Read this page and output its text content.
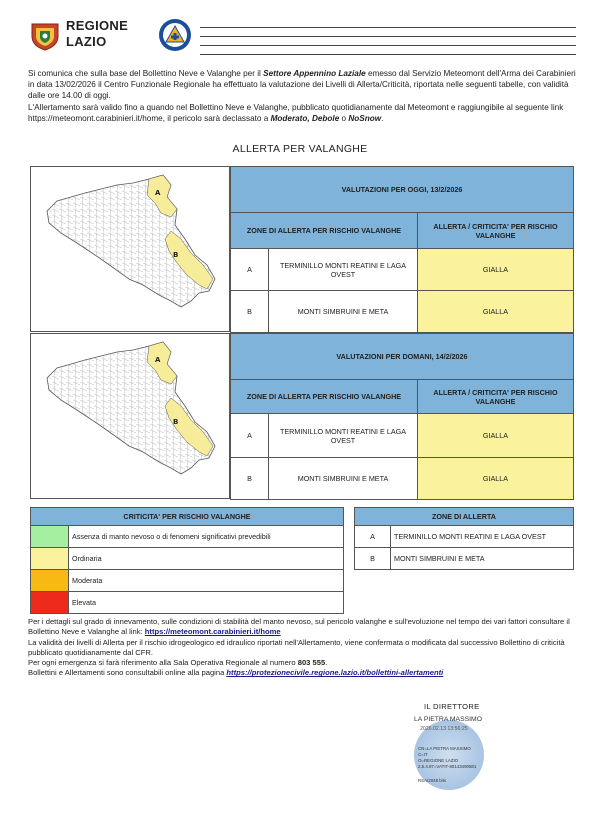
REGIONE
LAZIO

Si comunica che sulla base del Bollettino Neve e Valanghe per il Settore Appennino Laziale emesso dal Servizio Meteomont dell'Arma dei Carabinieri in data 13/02/2026 il Centro Funzionale Regionale ha effettuato la valutazione dei Livelli di Allerta/Criticità, riportata nelle seguenti tabelle, con validità dalle ore 14.00 di oggi.

L'Allertamento sarà valido fino a quando nel Bollettino Neve e Valanghe, pubblicato quotidianamente dal Meteomont e raggiungibile al seguente link https://meteomont.carabinieri.it/home, il pericolo sarà declassato a Moderato, Debole o NoSnow.

ALLERTA PER VALANGHE
A
B
VALUTAZIONI PER OGGI, 13/2/2026		
ZONE DI ALLERTA PER RISCHIO VALANGHE		ALLERTA / CRITICITA' PER RISCHIO VALANGHE
A	TERMINILLO MONTI REATINI E LAGA OVEST	GIALLA
B	MONTI SIMBRUINI E META	GIALLA
A
B
VALUTAZIONI PER DOMANI, 14/2/2026		
ZONE DI ALLERTA PER RISCHIO VALANGHE		ALLERTA / CRITICITA' PER RISCHIO VALANGHE
A	TERMINILLO MONTI REATINI E LAGA OVEST	GIALLA
B	MONTI SIMBRUINI E META	GIALLA
CRITICITA' PER RISCHIO VALANGHE	
	Assenza di manto nevoso o di fenomeni significativi prevedibili
	Ordinaria
	Moderata
	Elevata
ZONE DI ALLERTA	
A	TERMINILLO MONTI REATINI E LAGA OVEST
B	MONTI SIMBRUINI E META
Per i dettagli sul grado di innevamento, sulle condizioni di stabilità del manto nevoso, sul pericolo valanghe e sull'evoluzione nel tempo dei vari fattori consultare il Bollettino Neve e Valanghe al link: https://meteomont.carabinieri.it/home
La validità dei livelli di Allerta per il rischio idrogeologico ed idraulico riportati nell'Allertamento, viene confermata o modificata dal successivo Bollettino di criticità pubblicato quotidianamente dal CFR.
Per ogni emergenza si farà riferimento alla Sala Operativa Regionale al numero 803 555.
Bollettini e Allertamenti sono consultabili online alla pagina https://protezionecivile.regione.lazio.it/bollettini-allertamenti
IL DIRETTORE
LA PIETRA MASSIMO
2026.02.13 13:56:25
CN=LA PIETRA MASSIMO
C=IT
O=REGIONE LAZIO
2.5.4.97=VATIT-80143490581
RSA/2048 bits
